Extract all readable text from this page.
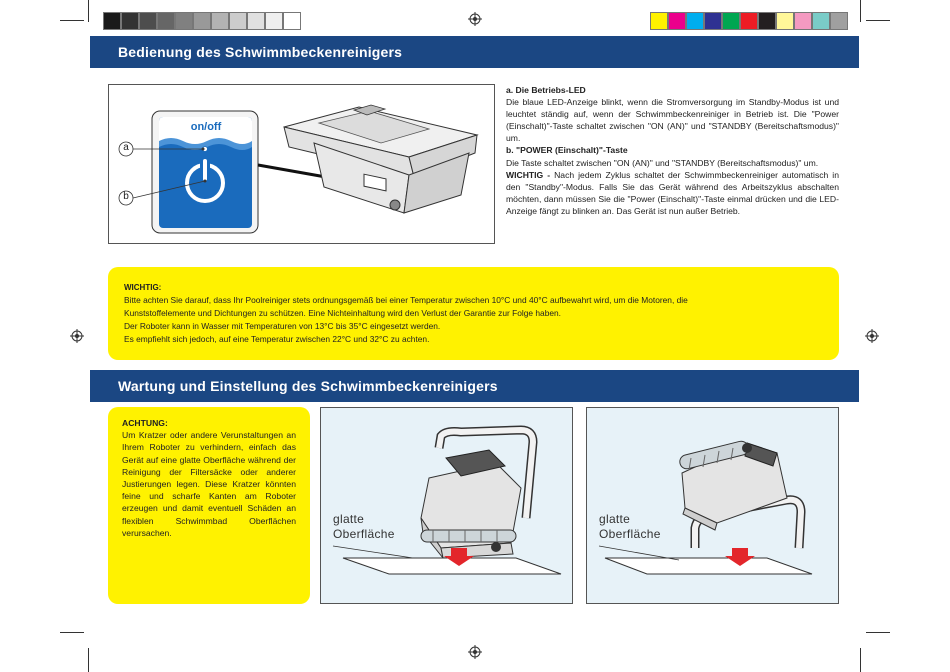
Bedienung des Schwimmbeckenreinigers
on/off
a
b
a. Die Betriebs-LED
Die blaue LED-Anzeige blinkt, wenn die Stromversorgung im Standby-Modus ist und leuchtet ständig auf, wenn der Schwimmbeckenreiniger in Betrieb ist. Die "Power (Einschalt)"-Taste schaltet zwischen "ON (AN)" und "STANDBY (Bereitschaftsmodus)" um.
b. "POWER (Einschalt)"-Taste
Die Taste schaltet zwischen "ON (AN)" und "STANDBY (Bereitschaftsmodus)" um.
WICHTIG - Nach jedem Zyklus schaltet der Schwimmbeckenreiniger automatisch in den "Standby"-Modus. Falls Sie das Gerät während des Arbeitszyklus abschalten möchten, dann müssen Sie die "Power (Einschalt)"-Taste einmal drücken und die LED-Anzeige fängt zu blinken an. Das Gerät ist nun außer Betrieb.
WICHTIG:
Bitte achten Sie darauf, dass Ihr Poolreiniger stets ordnungsgemäß bei einer Temperatur zwischen 10°C und 40°C aufbewahrt wird, um die Motoren, die
Kunststoffelemente und Dichtungen zu schützen. Eine Nichteinhaltung wird den Verlust der Garantie zur Folge haben.
Der Roboter kann in Wasser mit Temperaturen von 13°C bis 35°C eingesetzt werden.
Es empfiehlt sich jedoch, auf eine Temperatur zwischen 22°C und 32°C zu achten.
Wartung und Einstellung des Schwimmbeckenreinigers
ACHTUNG:
Um Kratzer oder andere Verunstaltungen an Ihrem Roboter zu verhindern, einfach das Gerät auf eine glatte Oberfläche während der Reinigung der Filtersäcke oder anderer Justierungen legen. Diese Kratzer könnten feine und scharfe Kanten am Roboter erzeugen und damit eventuell Schäden an flexiblen Schwimmbad Oberflächen verursachen.
glatte
Oberfläche
glatte
Oberfläche
